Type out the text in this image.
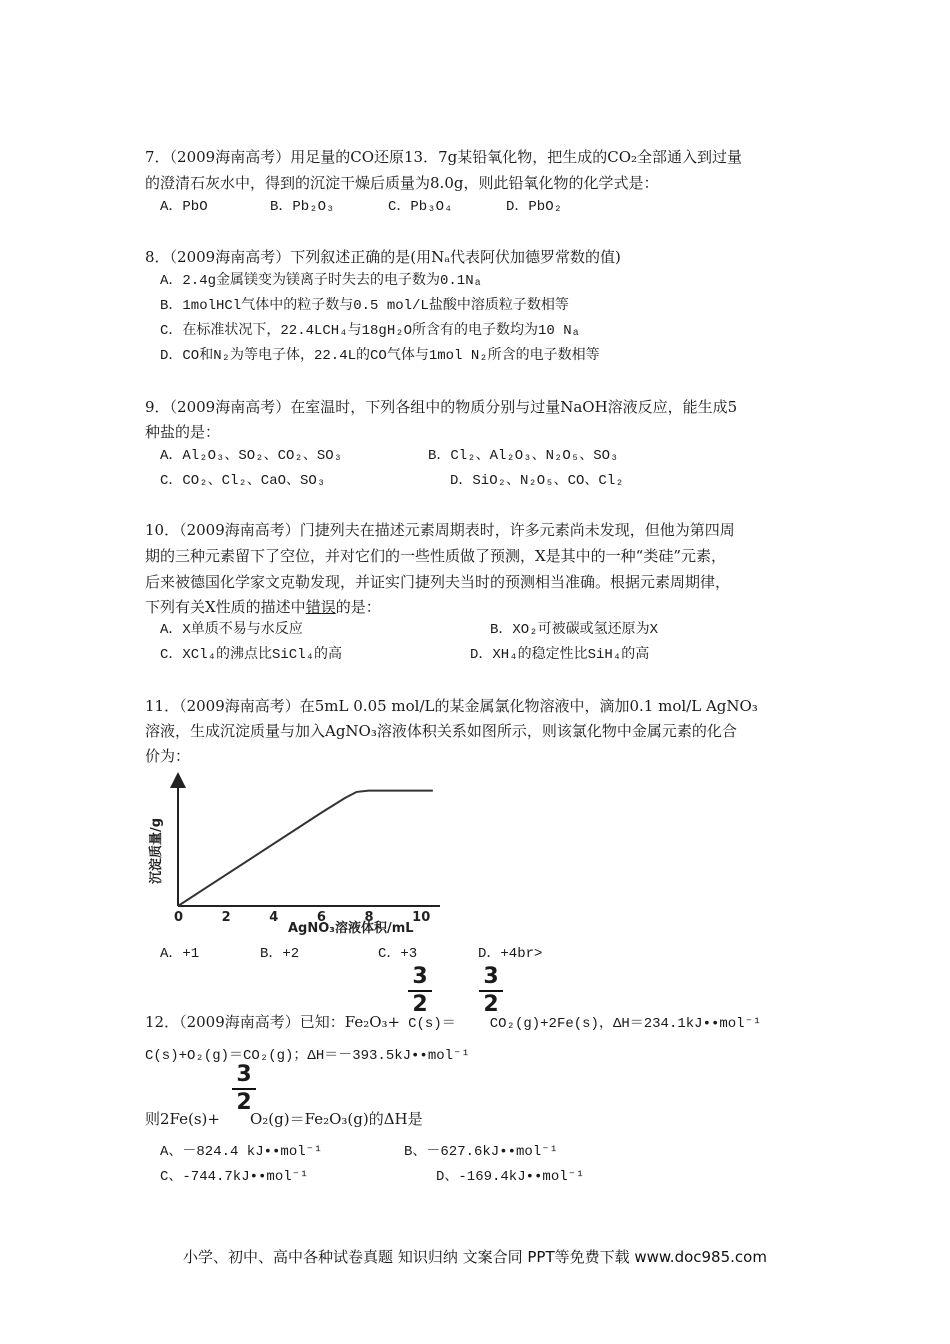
7．（2009海南高考）用足量的CO还原13．7g某铅氧化物，把生成的CO₂全部通入到过量
的澄清石灰水中，得到的沉淀干燥后质量为8.0g，则此铅氧化物的化学式是：
A．PbO	B．Pb₂O₃	C．Pb₃O₄	D．PbO₂
8．（2009海南高考）下列叙述正确的是(用Nₐ代表阿伏加德罗常数的值)
A．2.4g金属镁变为镁离子时失去的电子数为0.1Nₐ
B．1molHCl气体中的粒子数与0.5 mol/L盐酸中溶质粒子数相等
C．在标准状况下，22.4LCH₄与18gH₂O所含有的电子数均为10 Nₐ
D．CO和N₂为等电子体，22.4L的CO气体与1mol N₂所含的电子数相等
9．（2009海南高考）在室温时，下列各组中的物质分别与过量NaOH溶液反应，能生成5
种盐的是：
A．Al₂O₃、SO₂、CO₂、SO₃	B．Cl₂、Al₂O₃、N₂O₅、SO₃
C．CO₂、Cl₂、CaO、SO₃	D．SiO₂、N₂O₅、CO、Cl₂
10．（2009海南高考）门捷列夫在描述元素周期表时，许多元素尚未发现，但他为第四周
期的三种元素留下了空位，并对它们的一些性质做了预测，X是其中的一种“类硅”元素，
后来被德国化学家文克勒发现，并证实门捷列夫当时的预测相当准确。根据元素周期律，
下列有关X性质的描述中错误的是：
A．X单质不易与水反应	B．XO₂可被碳或氢还原为X
C．XCl₄的沸点比SiCl₄的高	D．XH₄的稳定性比SiH₄的高
11．（2009海南高考）在5mL 0.05 mol/L的某金属氯化物溶液中，滴加0.1 mol/L AgNO₃
溶液，生成沉淀质量与加入AgNO₃溶液体积关系如图所示，则该氯化物中金属元素的化合
价为：
沉淀质量/g
0	2	4	6	8	10
AgNO₃溶液体积/mL
A．+1	B．+2	C．+3	D．+4br>
3
2
3
2
12．（2009海南高考）已知：Fe₂O₃+ C(s)＝ CO₂(g)+2Fe(s)，ΔH＝234.1kJ••mol⁻¹
C(s)+O₂(g)＝CO₂(g)；ΔH＝－393.5kJ••mol⁻¹
3
2
则2Fe(s)+ O₂(g)＝Fe₂O₃(g)的ΔH是
A、－824.4 kJ••mol⁻¹	B、－627.6kJ••mol⁻¹
C、-744.7kJ••mol⁻¹	D、-169.4kJ••mol⁻¹
小学、初中、高中各种试卷真题 知识归纳 文案合同 PPT等免费下载 www.doc985.com
